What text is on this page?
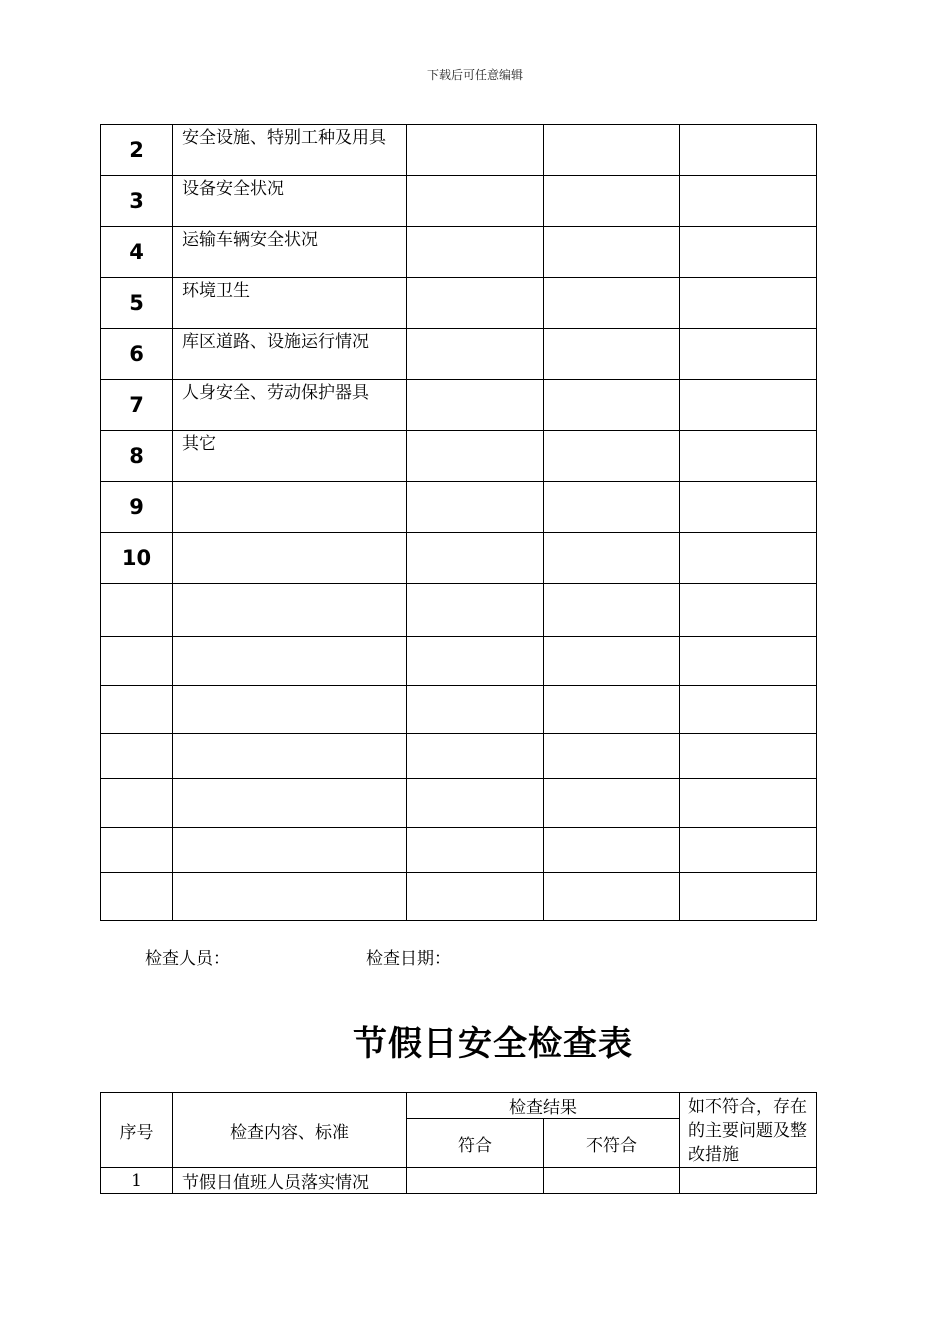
下载后可任意编辑
2	安全设施、特别工种及用具			
3	设备安全状况			
4	运输车辆安全状况			
5	环境卫生			
6	库区道路、设施运行情况			
7	人身安全、劳动保护器具			
8	其它			
9				
10				

检查人员：	检查日期：
节假日安全检查表
序号	检查内容、标准	检查结果		如不符合，存在的主要问题及整改措施
		符合	不符合	
1	节假日值班人员落实情况			
